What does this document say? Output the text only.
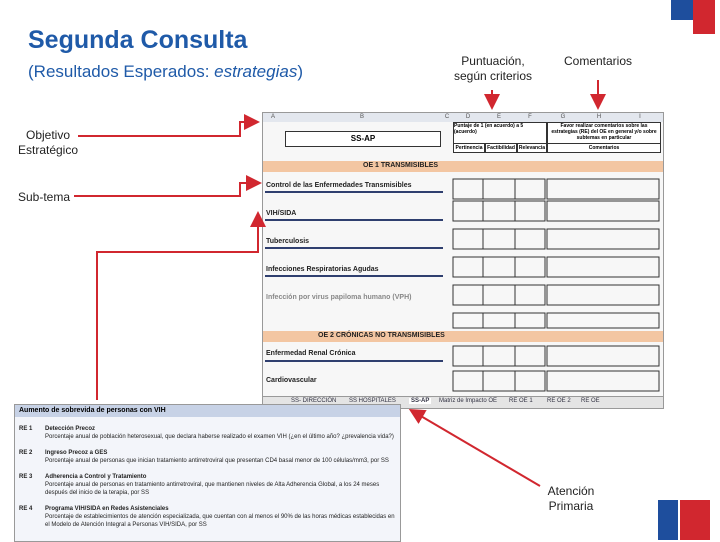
Segunda Consulta
(Resultados Esperados: estrategias)
Puntuación, según criterios
Comentarios
Objetivo Estratégico
Sub-tema
Atención Primaria
A	B	C	D	E	F	G	H	I
SS-AP
Puntaje de 1 (en acuerdo) a 5 (acuerdo)
Favor realizar comentarios sobre las estrategias (RE) del OE en general y/o sobre subtemas en particular
Pertinencia Factibilidad Relevancia	Comentarios
OE 1 TRANSMISIBLES
Control de las Enfermedades Transmisibles
VIH/SIDA
Tuberculosis
Infecciones Respiratorias Agudas
Infección por virus papiloma humano (VPH)
OE 2 CRÓNICAS NO TRANSMISIBLES
Enfermedad Renal Crónica
Cardiovascular
SS- DIRECCIÓN SS HOSPITALES	SS-AP	Matriz de Impacto OE RE OE 1 RE OE 2 RE OE
Aumento de sobrevida de personas con VIH
RE 1 Detección Precoz
Porcentaje anual de población heterosexual, que declara haberse realizado el examen VIH (¿en el último año? ¿prevalencia vida?)
RE 2 Ingreso Precoz a GES
Porcentaje anual de personas que inician tratamiento antirretroviral que presentan CD4 basal menor de 100 células/mm3, por SS
RE 3 Adherencia a Control y Tratamiento
Porcentaje anual de personas en tratamiento antirretroviral, que mantienen niveles de Alta Adherencia Global, a los 24 meses después del inicio de la terapia, por SS
RE 4 Programa VIH/SIDA en Redes Asistenciales
Porcentaje de establecimientos de atención especializada, que cuentan con al menos el 90% de las horas médicas establecidas en el Modelo de Atención Integral a Personas VIH/SIDA, por SS
